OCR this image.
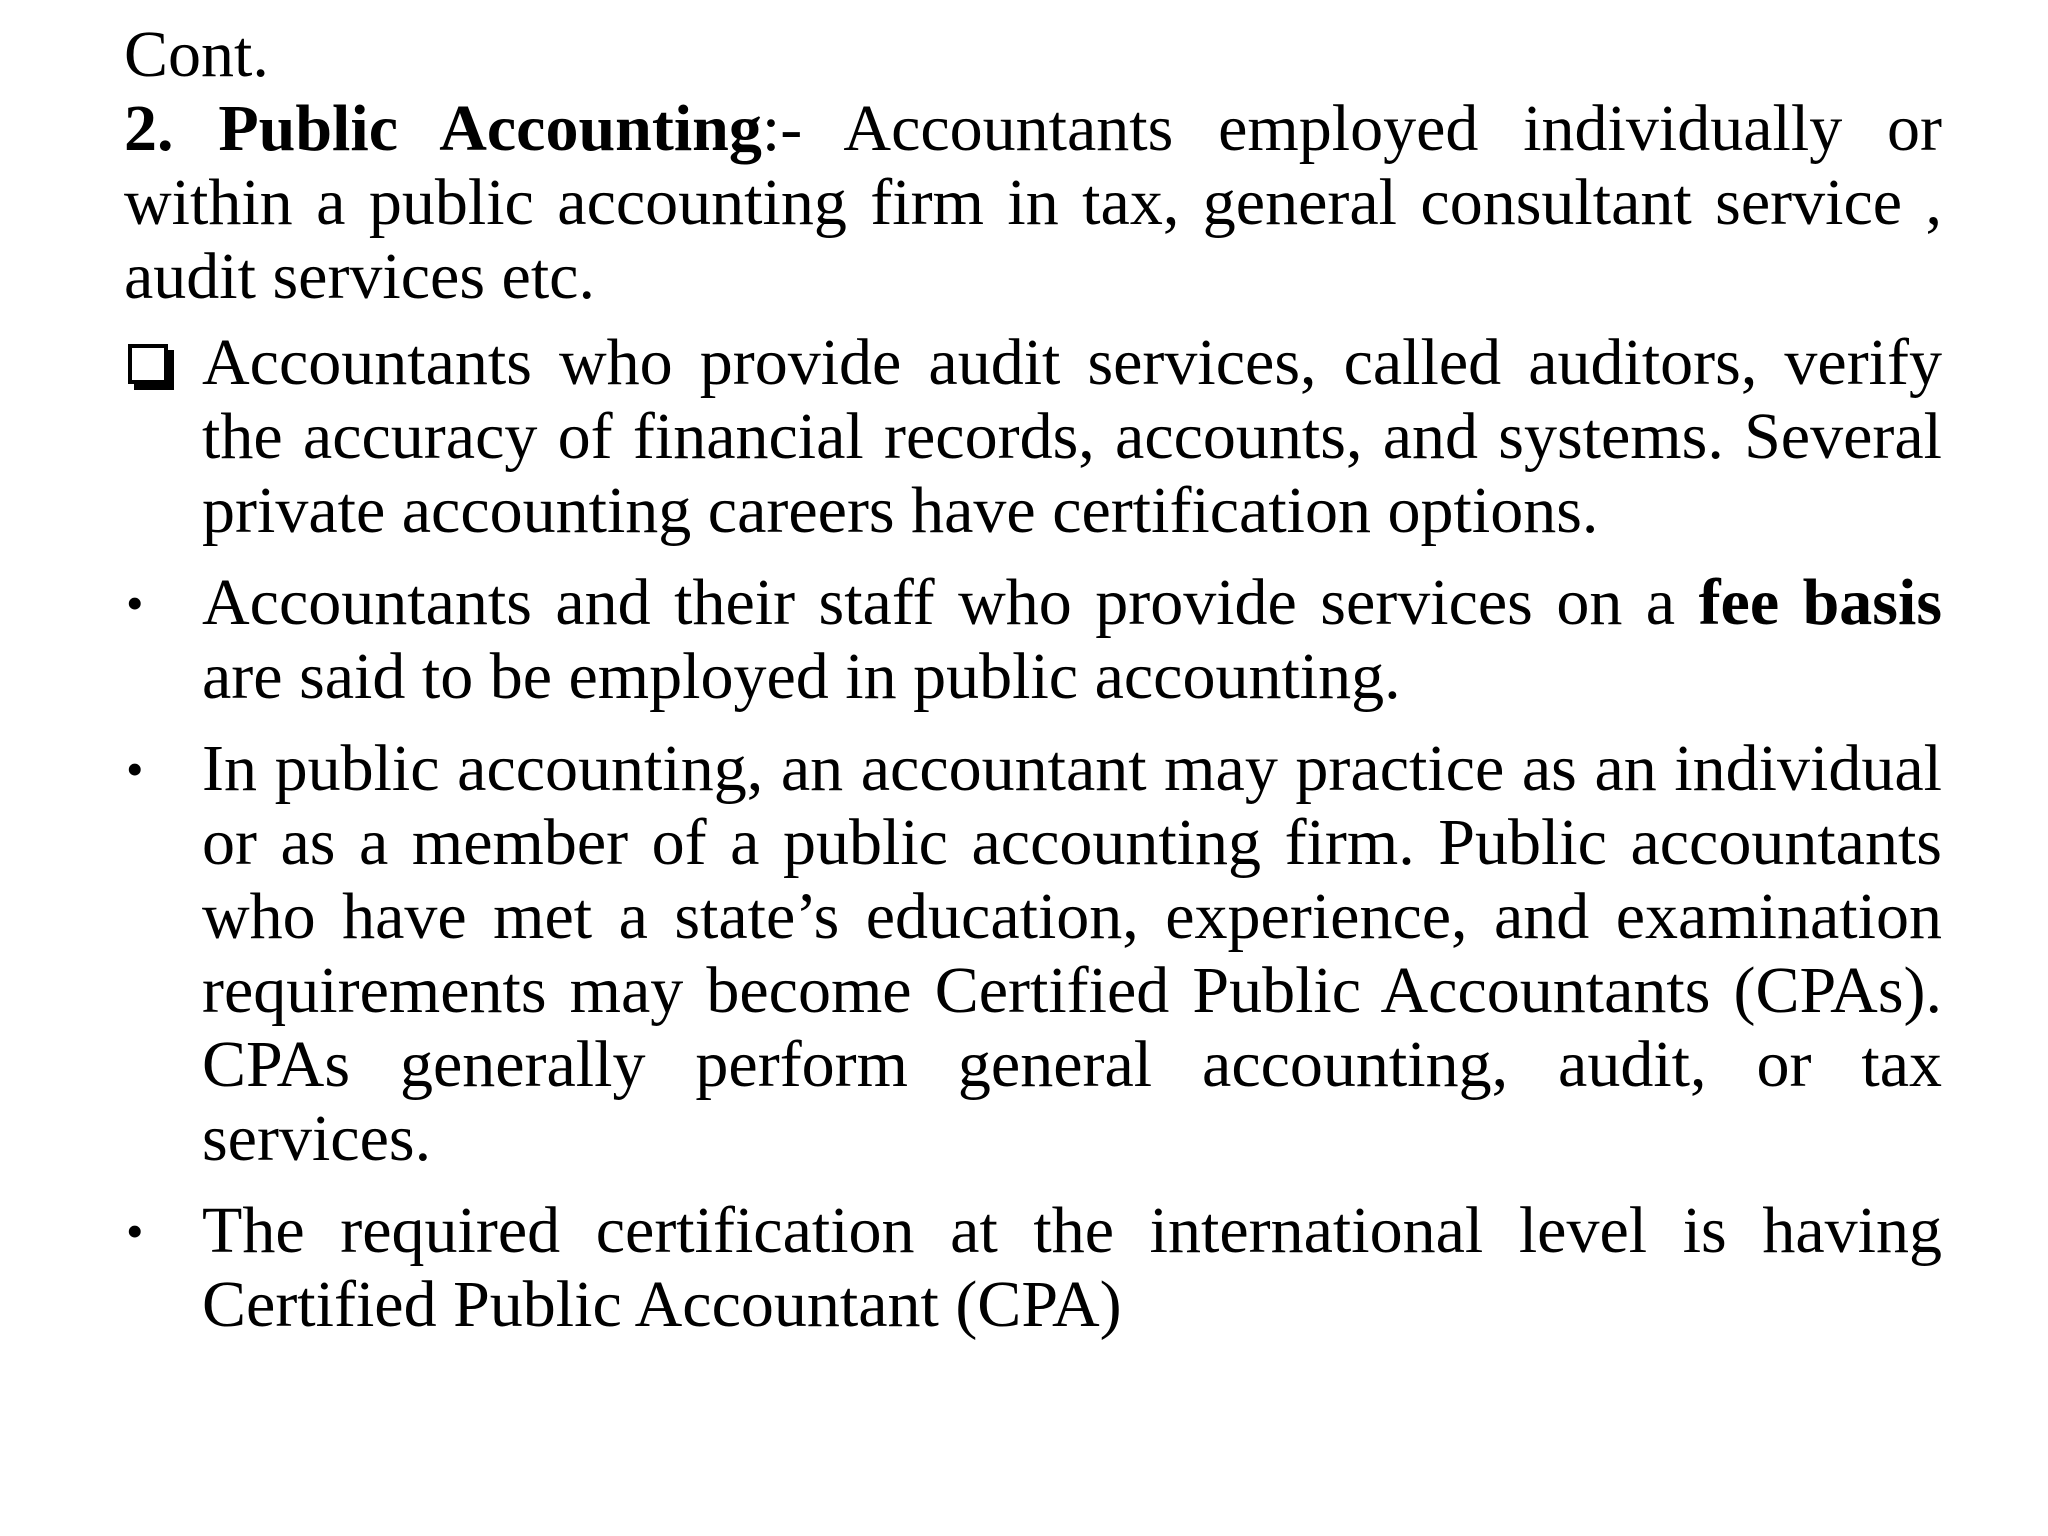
Cont.

2. Public Accounting:- Accountants employed individually or within a public accounting firm in tax, general consultant service , audit services etc.

Accountants who provide audit services, called auditors, verify the accuracy of financial records, accounts, and systems. Several private accounting careers have certification options.
• Accountants and their staff who provide services on a fee basis are said to be employed in public accounting.
• In public accounting, an accountant may practice as an individual or as a member of a public accounting firm. Public accountants who have met a state’s education, experience, and examination requirements may become Certified Public Accountants (CPAs). CPAs generally perform general accounting, audit, or tax services.
• The required certification at the international level is having Certified Public Accountant (CPA)
